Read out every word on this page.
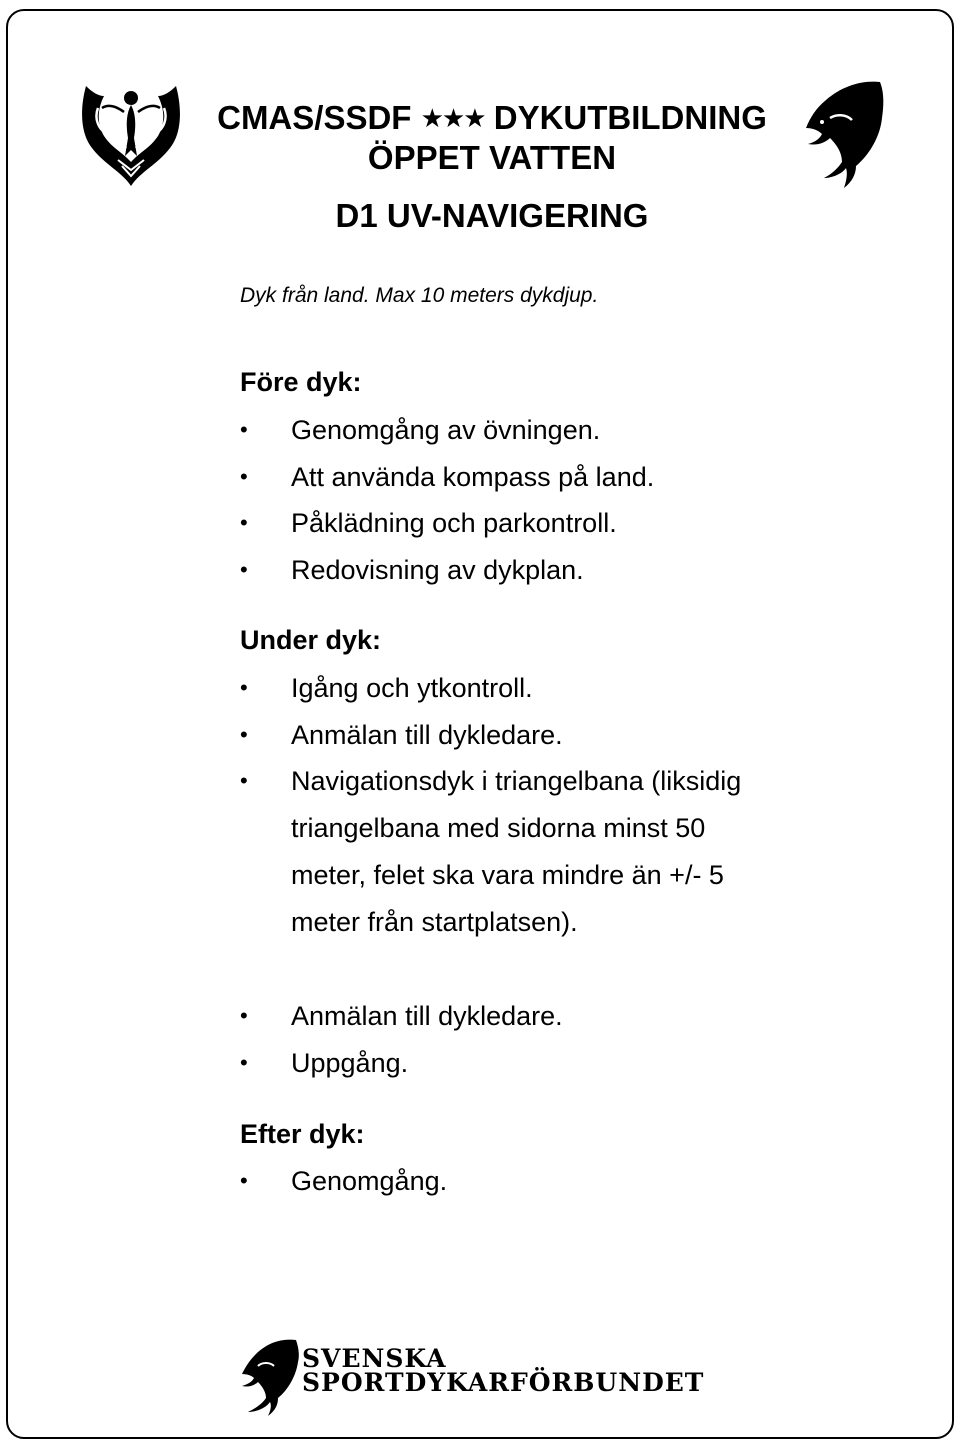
CMAS/SSDF ★★★ DYKUTBILDNING
ÖPPET VATTEN
D1 UV-NAVIGERING
Dyk från land. Max 10 meters dykdjup.
Före dyk:
• Genomgång av övningen.
• Att använda kompass på land.
• Påklädning och parkontroll.
• Redovisning av dykplan.
Under dyk:
• Igång och ytkontroll.
• Anmälan till dykledare.
• Navigationsdyk i triangelbana (liksidig triangelbana med sidorna minst 50 meter, felet ska vara mindre än +/- 5 meter från startplatsen).
• Anmälan till dykledare.
• Uppgång.
Efter dyk:
• Genomgång.
SVENSKA
SPORTDYKARFÖRBUNDET
